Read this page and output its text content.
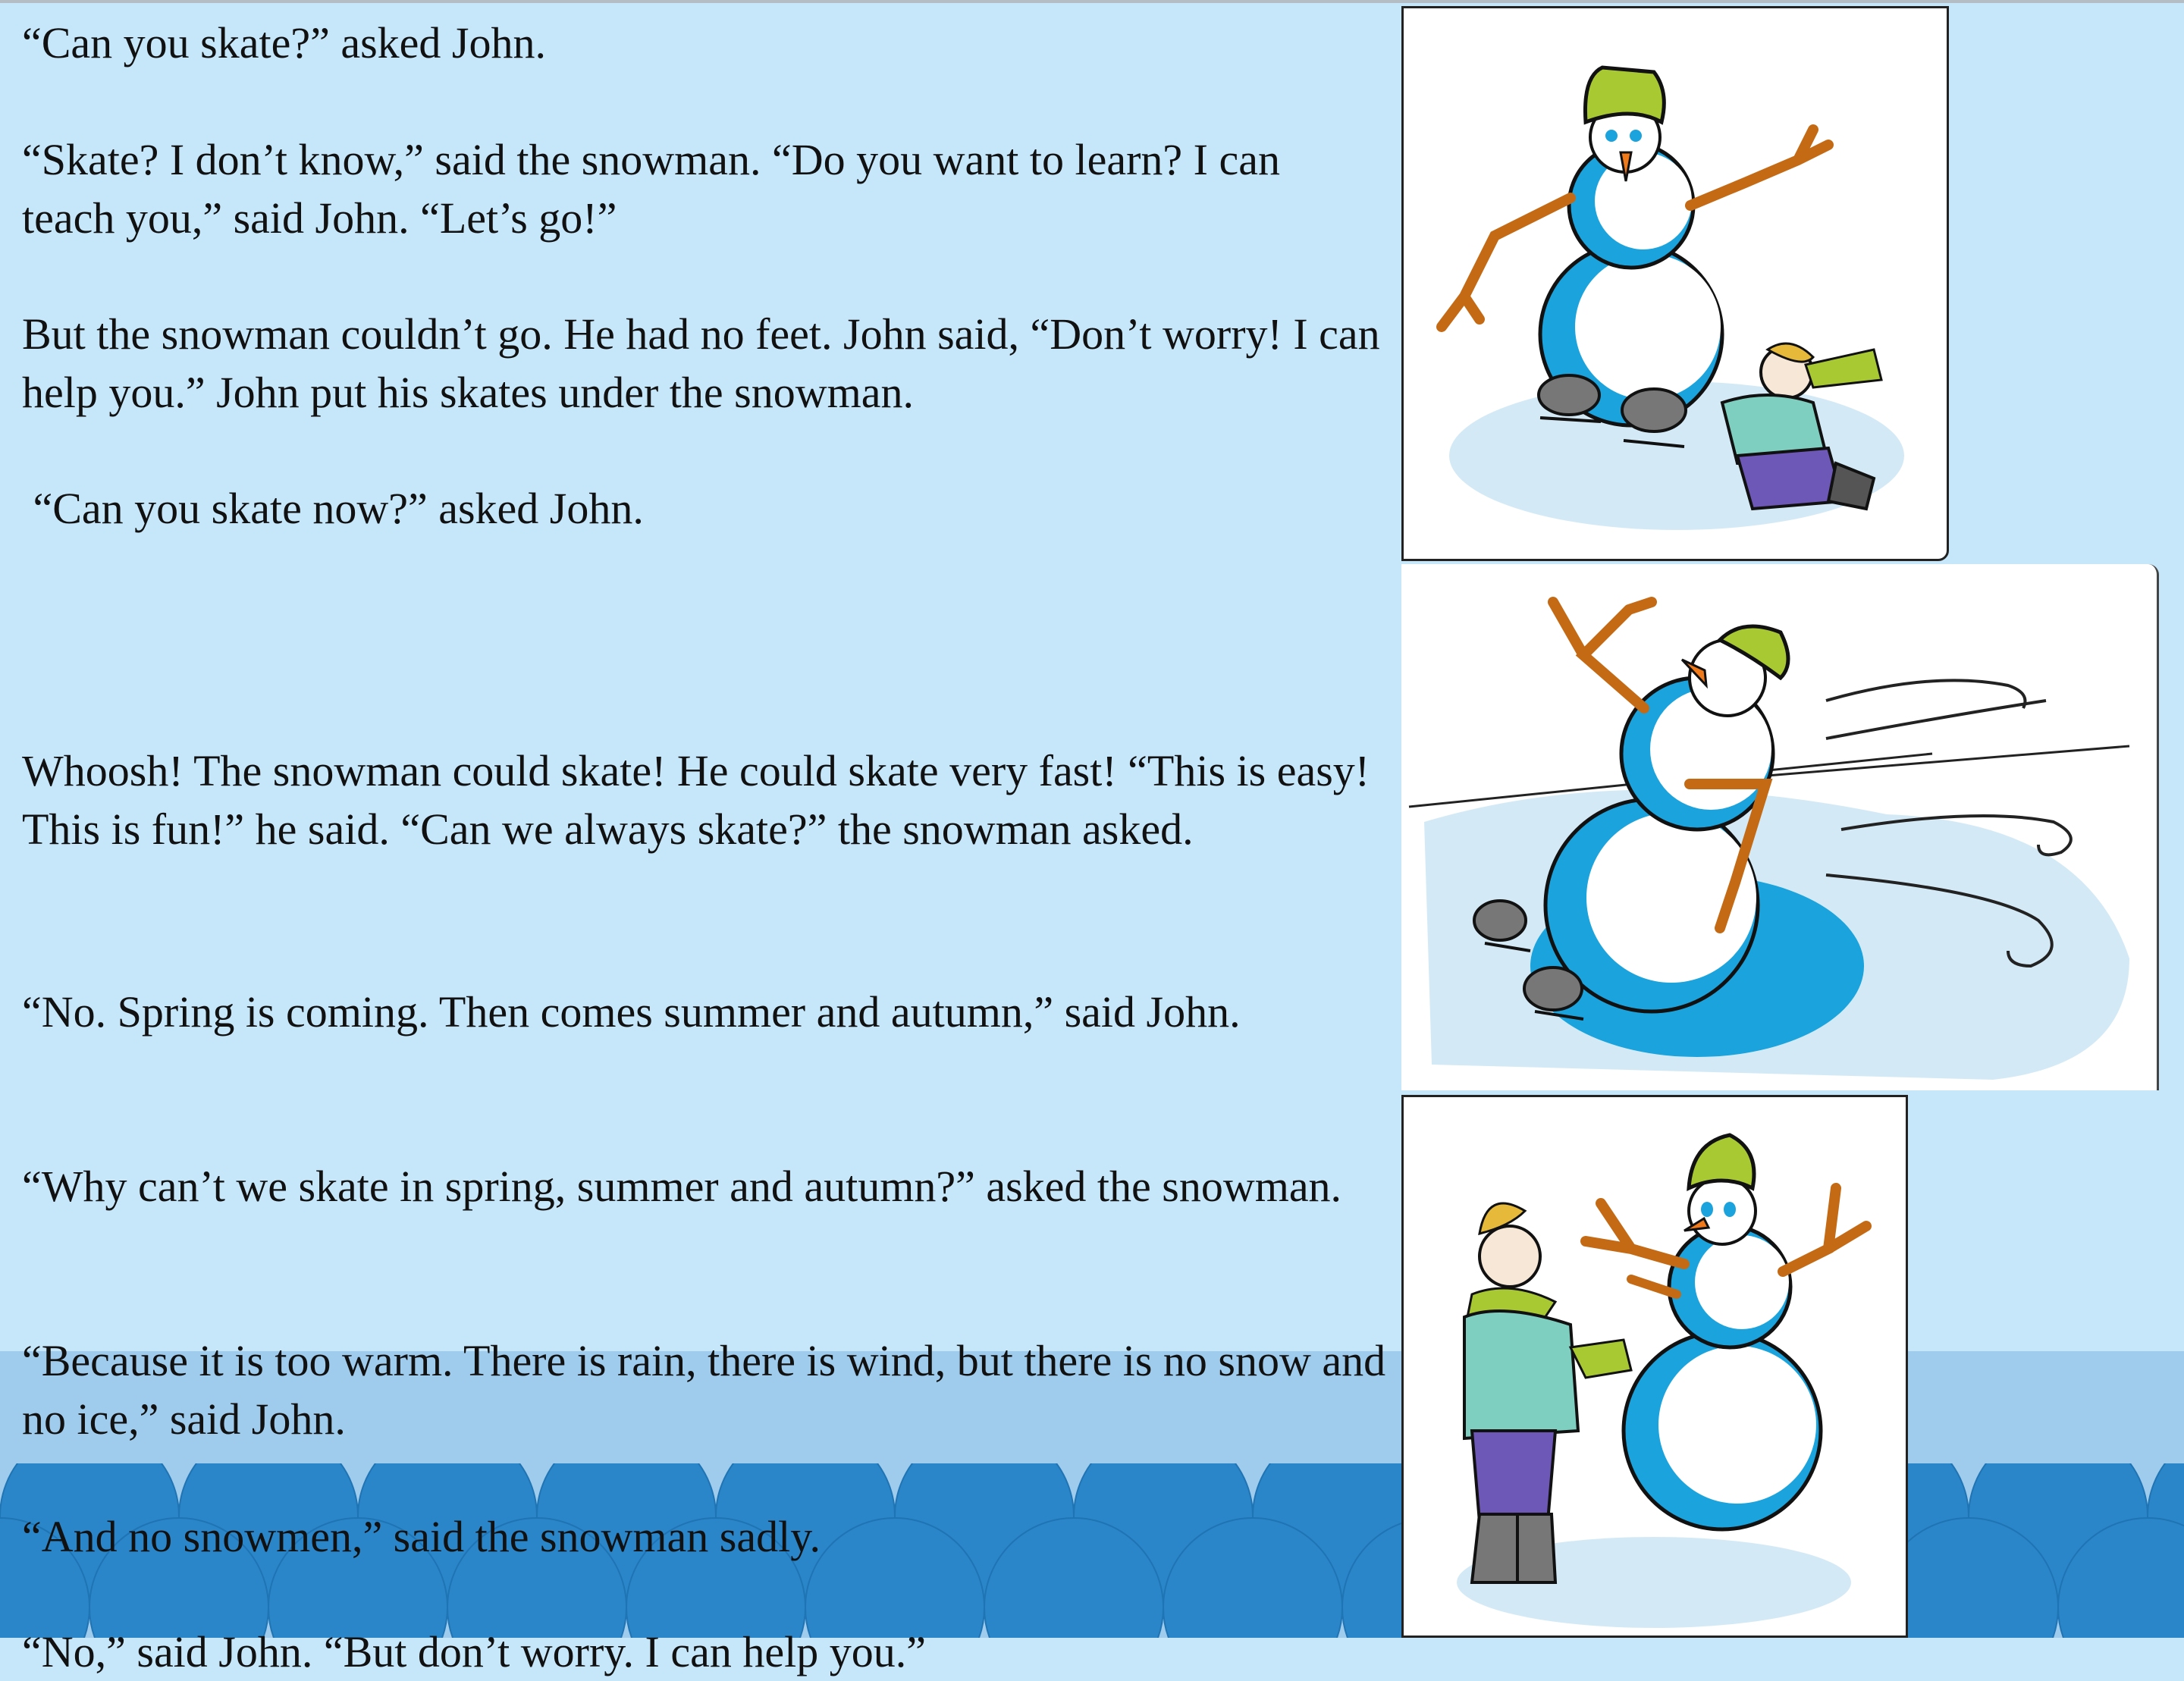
“Can you skate?” asked John.

“Skate? I don’t know,” said the snowman. “Do you want to learn? I can teach you,” said John. “Let’s go!”

But the snowman couldn’t go. He had no feet. John said, “Don’t worry! I can help you.” John put his skates under the snowman.

“Can you skate now?” asked John.

Whoosh! The snowman could skate! He could skate very fast! “This is easy! This is fun!” he said. “Can we always skate?” the snowman asked.

“No. Spring is coming. Then comes summer and autumn,” said John.

“Why can’t we skate in spring, summer and autumn?” asked the snowman.

“Because it is too warm. There is rain, there is wind, but there is no snow and no ice,” said John.

“And no snowmen,” said the snowman sadly.

“No,” said John. “But don’t worry. I can help you.”
